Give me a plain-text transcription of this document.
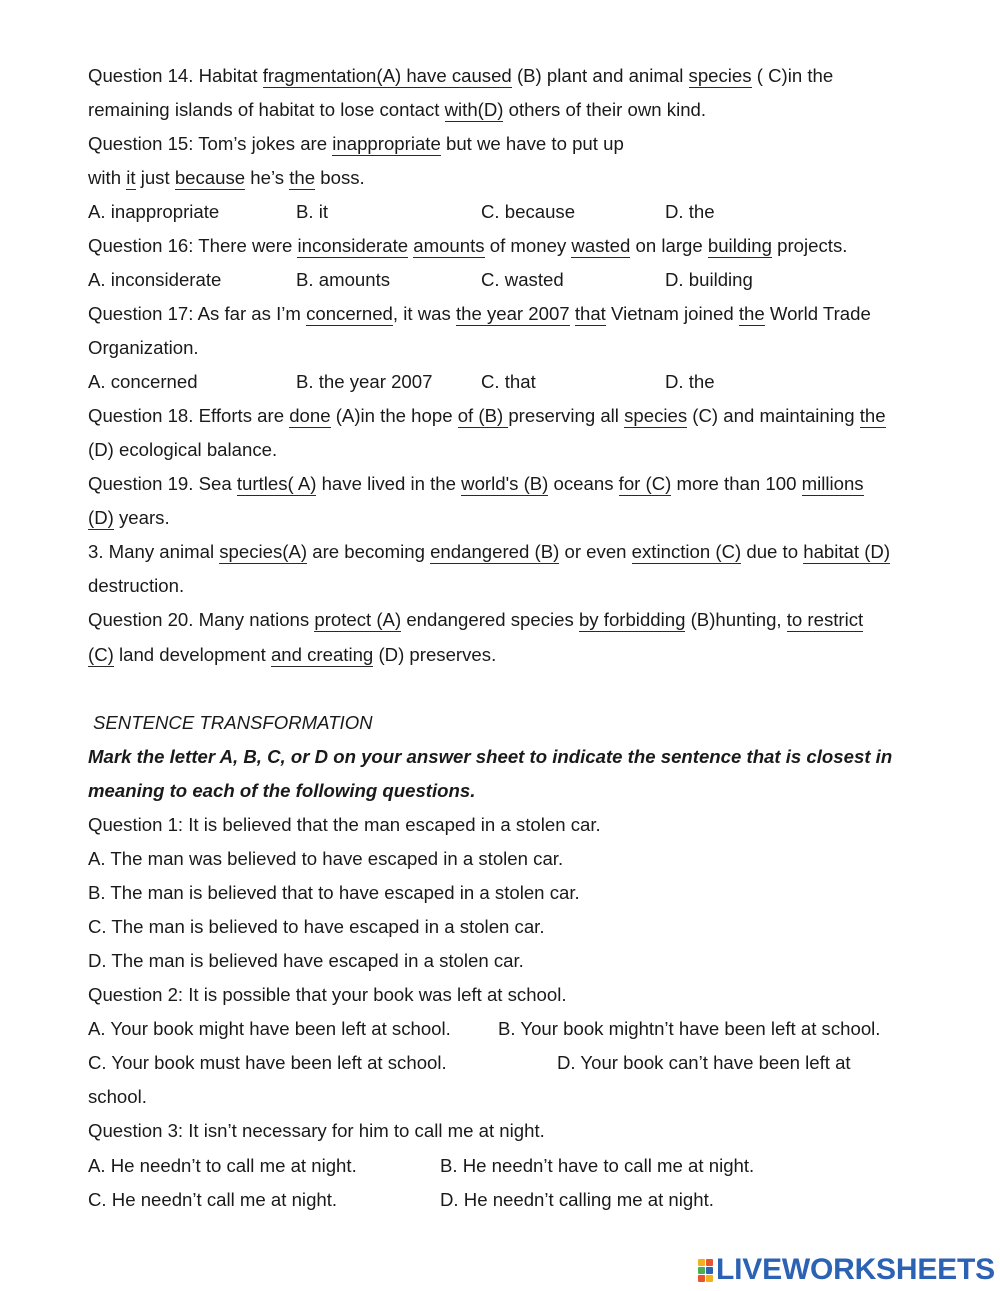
Question 14. Habitat fragmentation(A) have caused (B) plant and animal species ( C)in the
remaining islands of habitat to lose contact with(D) others of their own kind.
Question 15: Tom’s jokes are inappropriate but we have to put up
with it just because he’s the boss.
A. inappropriate	B. it	C. because	D. the
Question 16: There were inconsiderate amounts of money wasted on large building projects.
A. inconsiderate	B. amounts	C. wasted	D. building
Question 17: As far as I’m concerned, it was the year 2007 that Vietnam joined the World Trade
Organization.
A. concerned	B. the year 2007	C. that	D. the
Question 18. Efforts are done (A)in the hope of (B) preserving all species (C) and maintaining the
(D) ecological balance.
Question 19. Sea turtles( A) have lived in the world's (B) oceans for (C) more than 100 millions
(D) years.
3. Many animal species(A) are becoming endangered (B) or even extinction (C) due to habitat (D)
destruction.
Question 20. Many nations protect (A) endangered species by forbidding (B)hunting, to restrict
(C) land development and creating (D) preserves.
SENTENCE TRANSFORMATION
Mark the letter A, B, C, or D on your answer sheet to indicate the sentence that is closest in
meaning to each of the following questions.
Question 1: It is believed that the man escaped in a stolen car.
A. The man was believed to have escaped in a stolen car.
B. The man is believed that to have escaped in a stolen car.
C. The man is believed to have escaped in a stolen car.
D. The man is believed have escaped in a stolen car.
Question 2: It is possible that your book was left at school.
A. Your book might have been left at school.	B. Your book mightn’t have been left at school.
C. Your book must have been left at school.	D. Your book can’t have been left at
school.
Question 3: It isn’t necessary for him to call me at night.
A. He needn’t to call me at night.	B. He needn’t have to call me at night.
C. He needn’t call me at night.	D. He needn’t calling me at night.
LIVEWORKSHEETS
